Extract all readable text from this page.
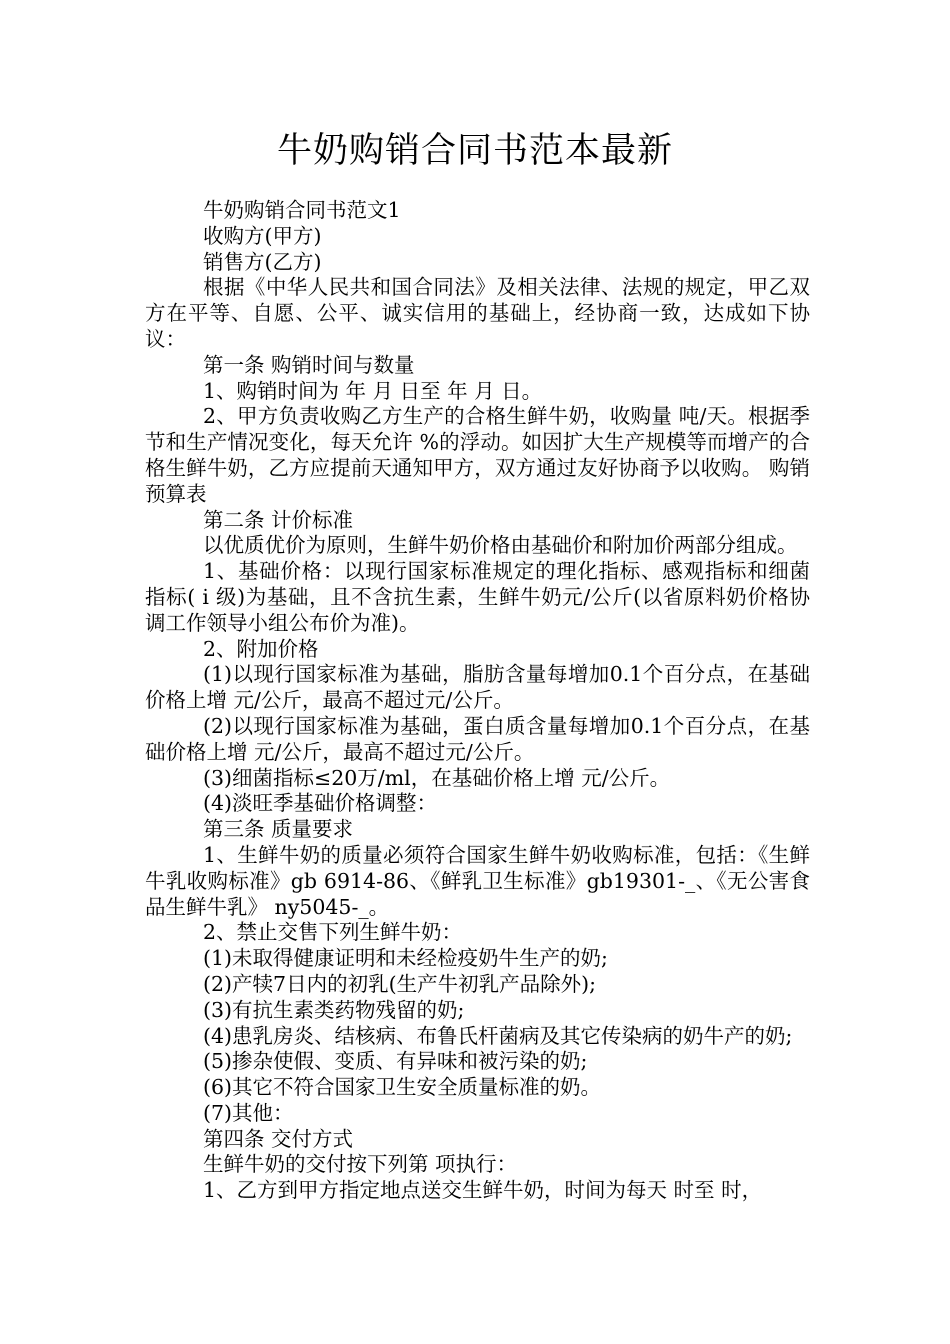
牛奶购销合同书范本最新

牛奶购销合同书范文1

收购方(甲方)

销售方(乙方)

根据《中华人民共和国合同法》及相关法律、法规的规定，甲乙双方在平等、自愿、公平、诚实信用的基础上，经协商一致，达成如下协议：

第一条 购销时间与数量

1、购销时间为 年 月 日至 年 月 日。

2、甲方负责收购乙方生产的合格生鲜牛奶，收购量 吨/天。根据季节和生产情况变化，每天允许 %的浮动。如因扩大生产规模等而增产的合格生鲜牛奶，乙方应提前天通知甲方，双方通过友好协商予以收购。 购销预算表

第二条 计价标准

以优质优价为原则，生鲜牛奶价格由基础价和附加价两部分组成。

1、基础价格：以现行国家标准规定的理化指标、感观指标和细菌指标( i 级)为基础，且不含抗生素，生鲜牛奶元/公斤(以省原料奶价格协调工作领导小组公布价为准)。

2、附加价格

(1)以现行国家标准为基础，脂肪含量每增加0.1个百分点，在基础价格上增 元/公斤，最高不超过元/公斤。

(2)以现行国家标准为基础，蛋白质含量每增加0.1个百分点，在基础价格上增 元/公斤，最高不超过元/公斤。

(3)细菌指标≤20万/ml，在基础价格上增 元/公斤。

(4)淡旺季基础价格调整：

第三条 质量要求

1、生鲜牛奶的质量必须符合国家生鲜牛奶收购标准，包括：《生鲜牛乳收购标准》gb 6914-86、《鲜乳卫生标准》gb19301-_、《无公害食品生鲜牛乳》 ny5045-_。

2、禁止交售下列生鲜牛奶：

(1)未取得健康证明和未经检疫奶牛生产的奶;

(2)产犊7日内的初乳(生产牛初乳产品除外);

(3)有抗生素类药物残留的奶;

(4)患乳房炎、结核病、布鲁氏杆菌病及其它传染病的奶牛产的奶;

(5)掺杂使假、变质、有异味和被污染的奶;

(6)其它不符合国家卫生安全质量标准的奶。

(7)其他：

第四条 交付方式

生鲜牛奶的交付按下列第 项执行：

1、乙方到甲方指定地点送交生鲜牛奶，时间为每天 时至 时，
